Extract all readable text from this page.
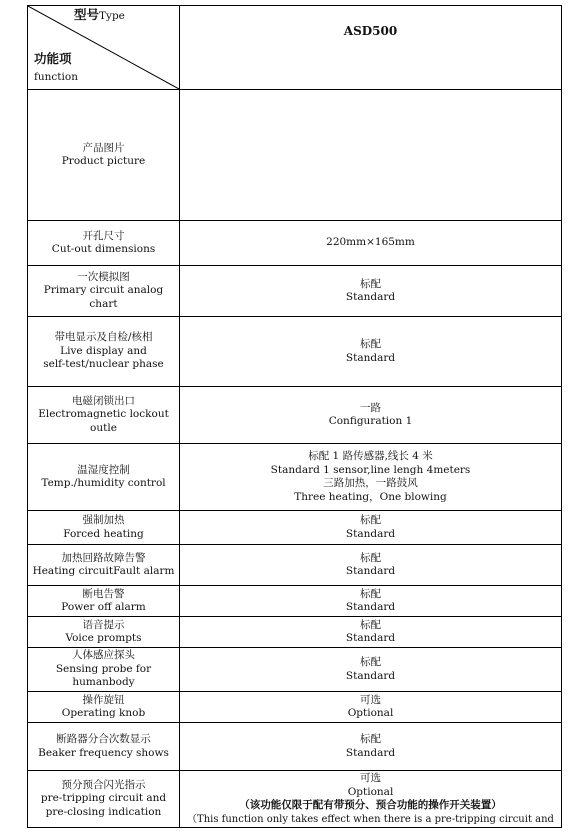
型号Type
功能项
function	ASD500

产品图片
Product picture	

开孔尺寸
Cut-out dimensions	220mm×165mm

一次模拟图
Primary circuit analog chart	标配
Standard

带电显示及自检/核相
Live display and
self-test/nuclear phase	标配
Standard

电磁闭锁出口
Electromagnetic lockout
outle	一路
Configuration 1

温湿度控制
Temp./humidity control	标配 1 路传感器,线长 4 米
Standard 1 sensor,line lengh 4meters
三路加热，一路鼓风
Three heating，One blowing

强制加热
Forced heating	标配
Standard

加热回路故障告警
Heating circuitFault alarm	标配
Standard

断电告警
Power off alarm	标配
Standard

语音提示
Voice prompts	标配
Standard

人体感应探头
Sensing probe for
humanbody	标配
Standard

操作旋钮
Operating knob	可选
Optional

断路器分合次数显示
Beaker frequency shows	标配
Standard

预分预合闪光指示
pre-tripping circuit and
pre-closing indication	可选
Optional
（该功能仅限于配有带预分、预合功能的操作开关装置）
（This function only takes effect when there is a pre-tripping circuit and
